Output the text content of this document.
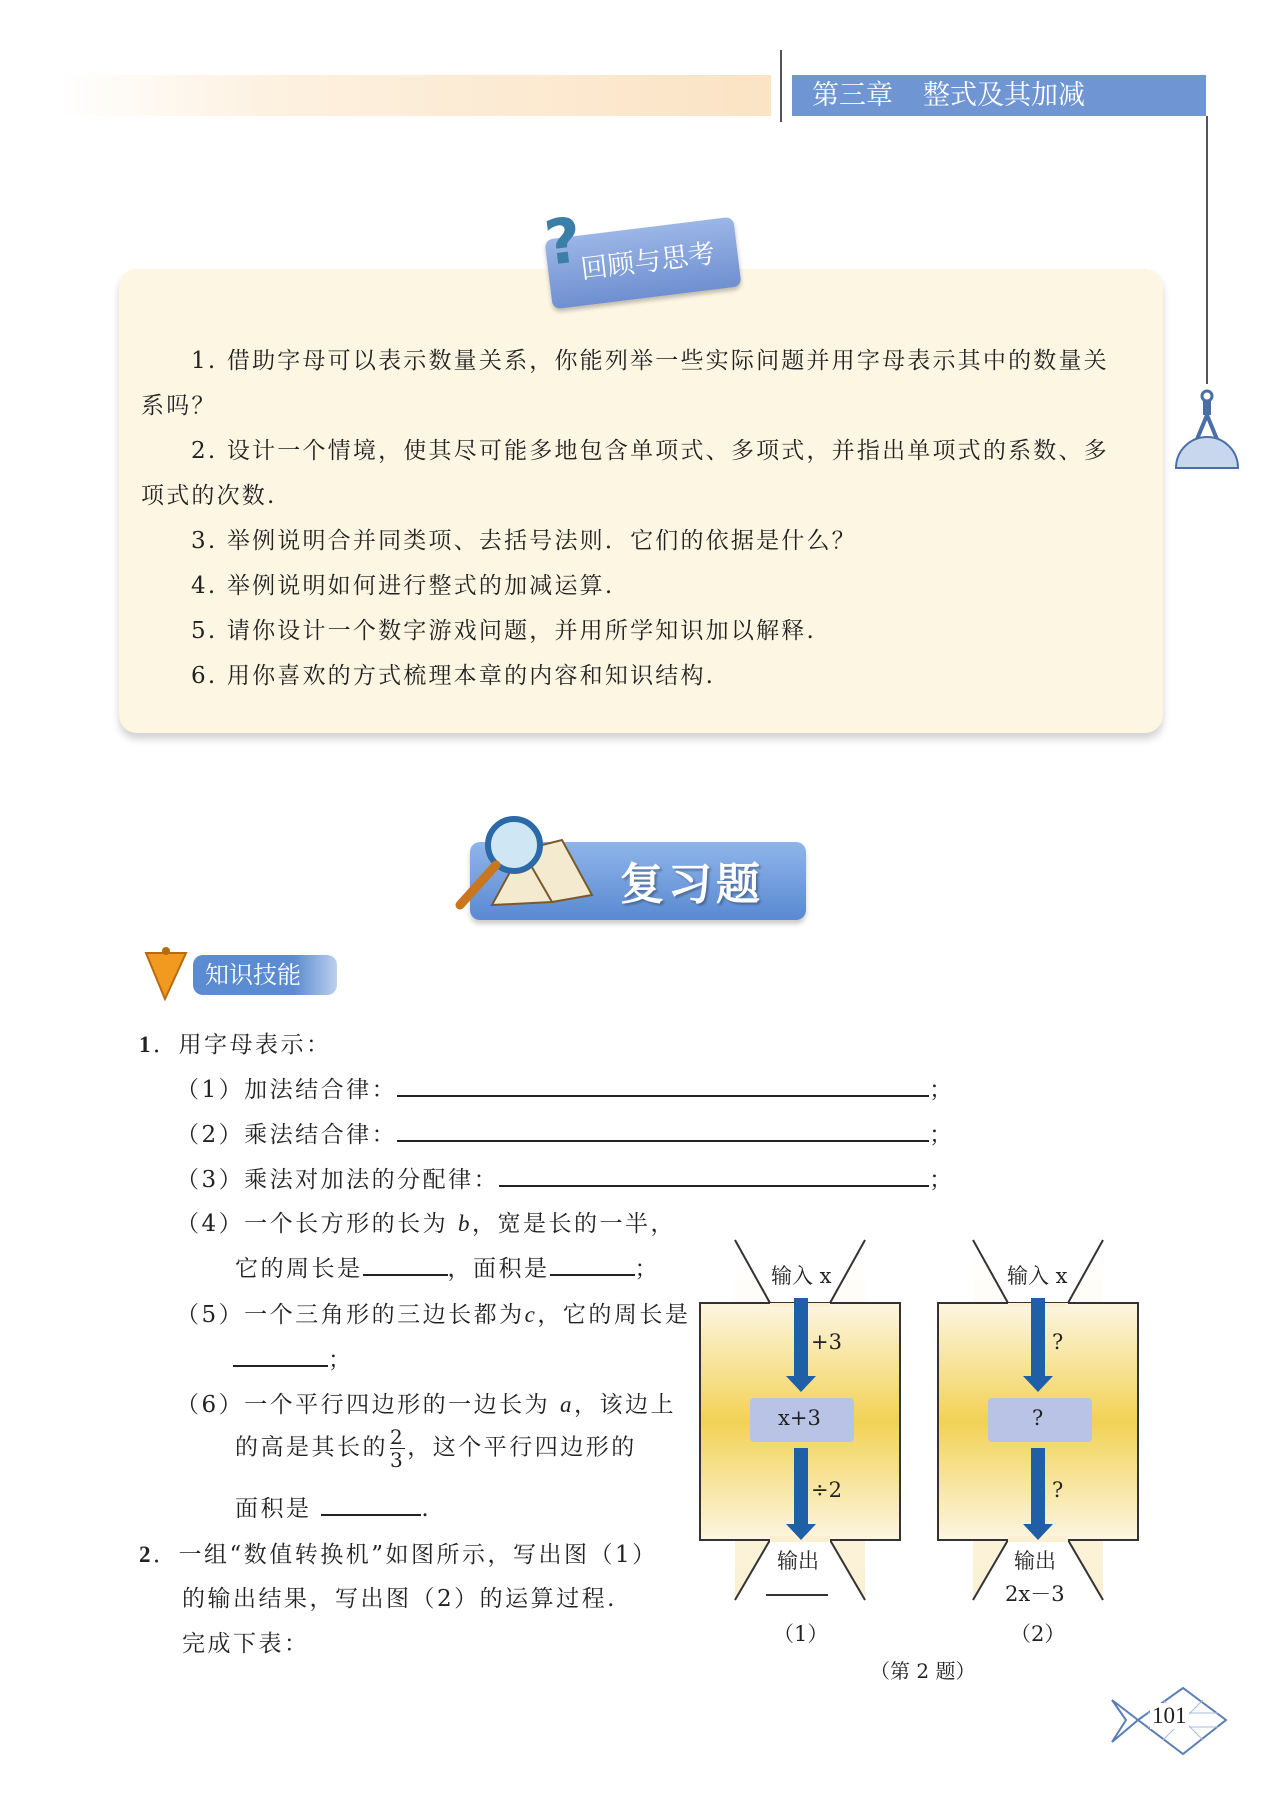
第三章 整式及其加减
回顾与思考
?
1. 借助字母可以表示数量关系，你能列举一些实际问题并用字母表示其中的数量关
系吗？
2. 设计一个情境，使其尽可能多地包含单项式、多项式，并指出单项式的系数、多
项式的次数.
3. 举例说明合并同类项、去括号法则．它们的依据是什么？
4. 举例说明如何进行整式的加减运算.
5. 请你设计一个数字游戏问题，并用所学知识加以解释.
6. 用你喜欢的方式梳理本章的内容和知识结构.
复习题
知识技能
1．用字母表示：
（1）加法结合律：	；
（2）乘法结合律：	；
（3）乘法对加法的分配律：	；
（4）一个长方形的长为 b，宽是长的一半，
它的周长是	，面积是	；
（5）一个三角形的三边长都为c，它的周长是
；
（6）一个平行四边形的一边长为 a，该边上
的高是其长的 $\frac{2}{3}$ ，这个平行四边形的
面积是	.
2．一组“数值转换机”如图所示，写出图（1）
的输出结果，写出图（2）的运算过程.
完成下表：
输入 x
+3
x+3
÷2
输出
（1）
输入 x
?
?
?
输出
2x－3
（2）
（第 2 题）
101
